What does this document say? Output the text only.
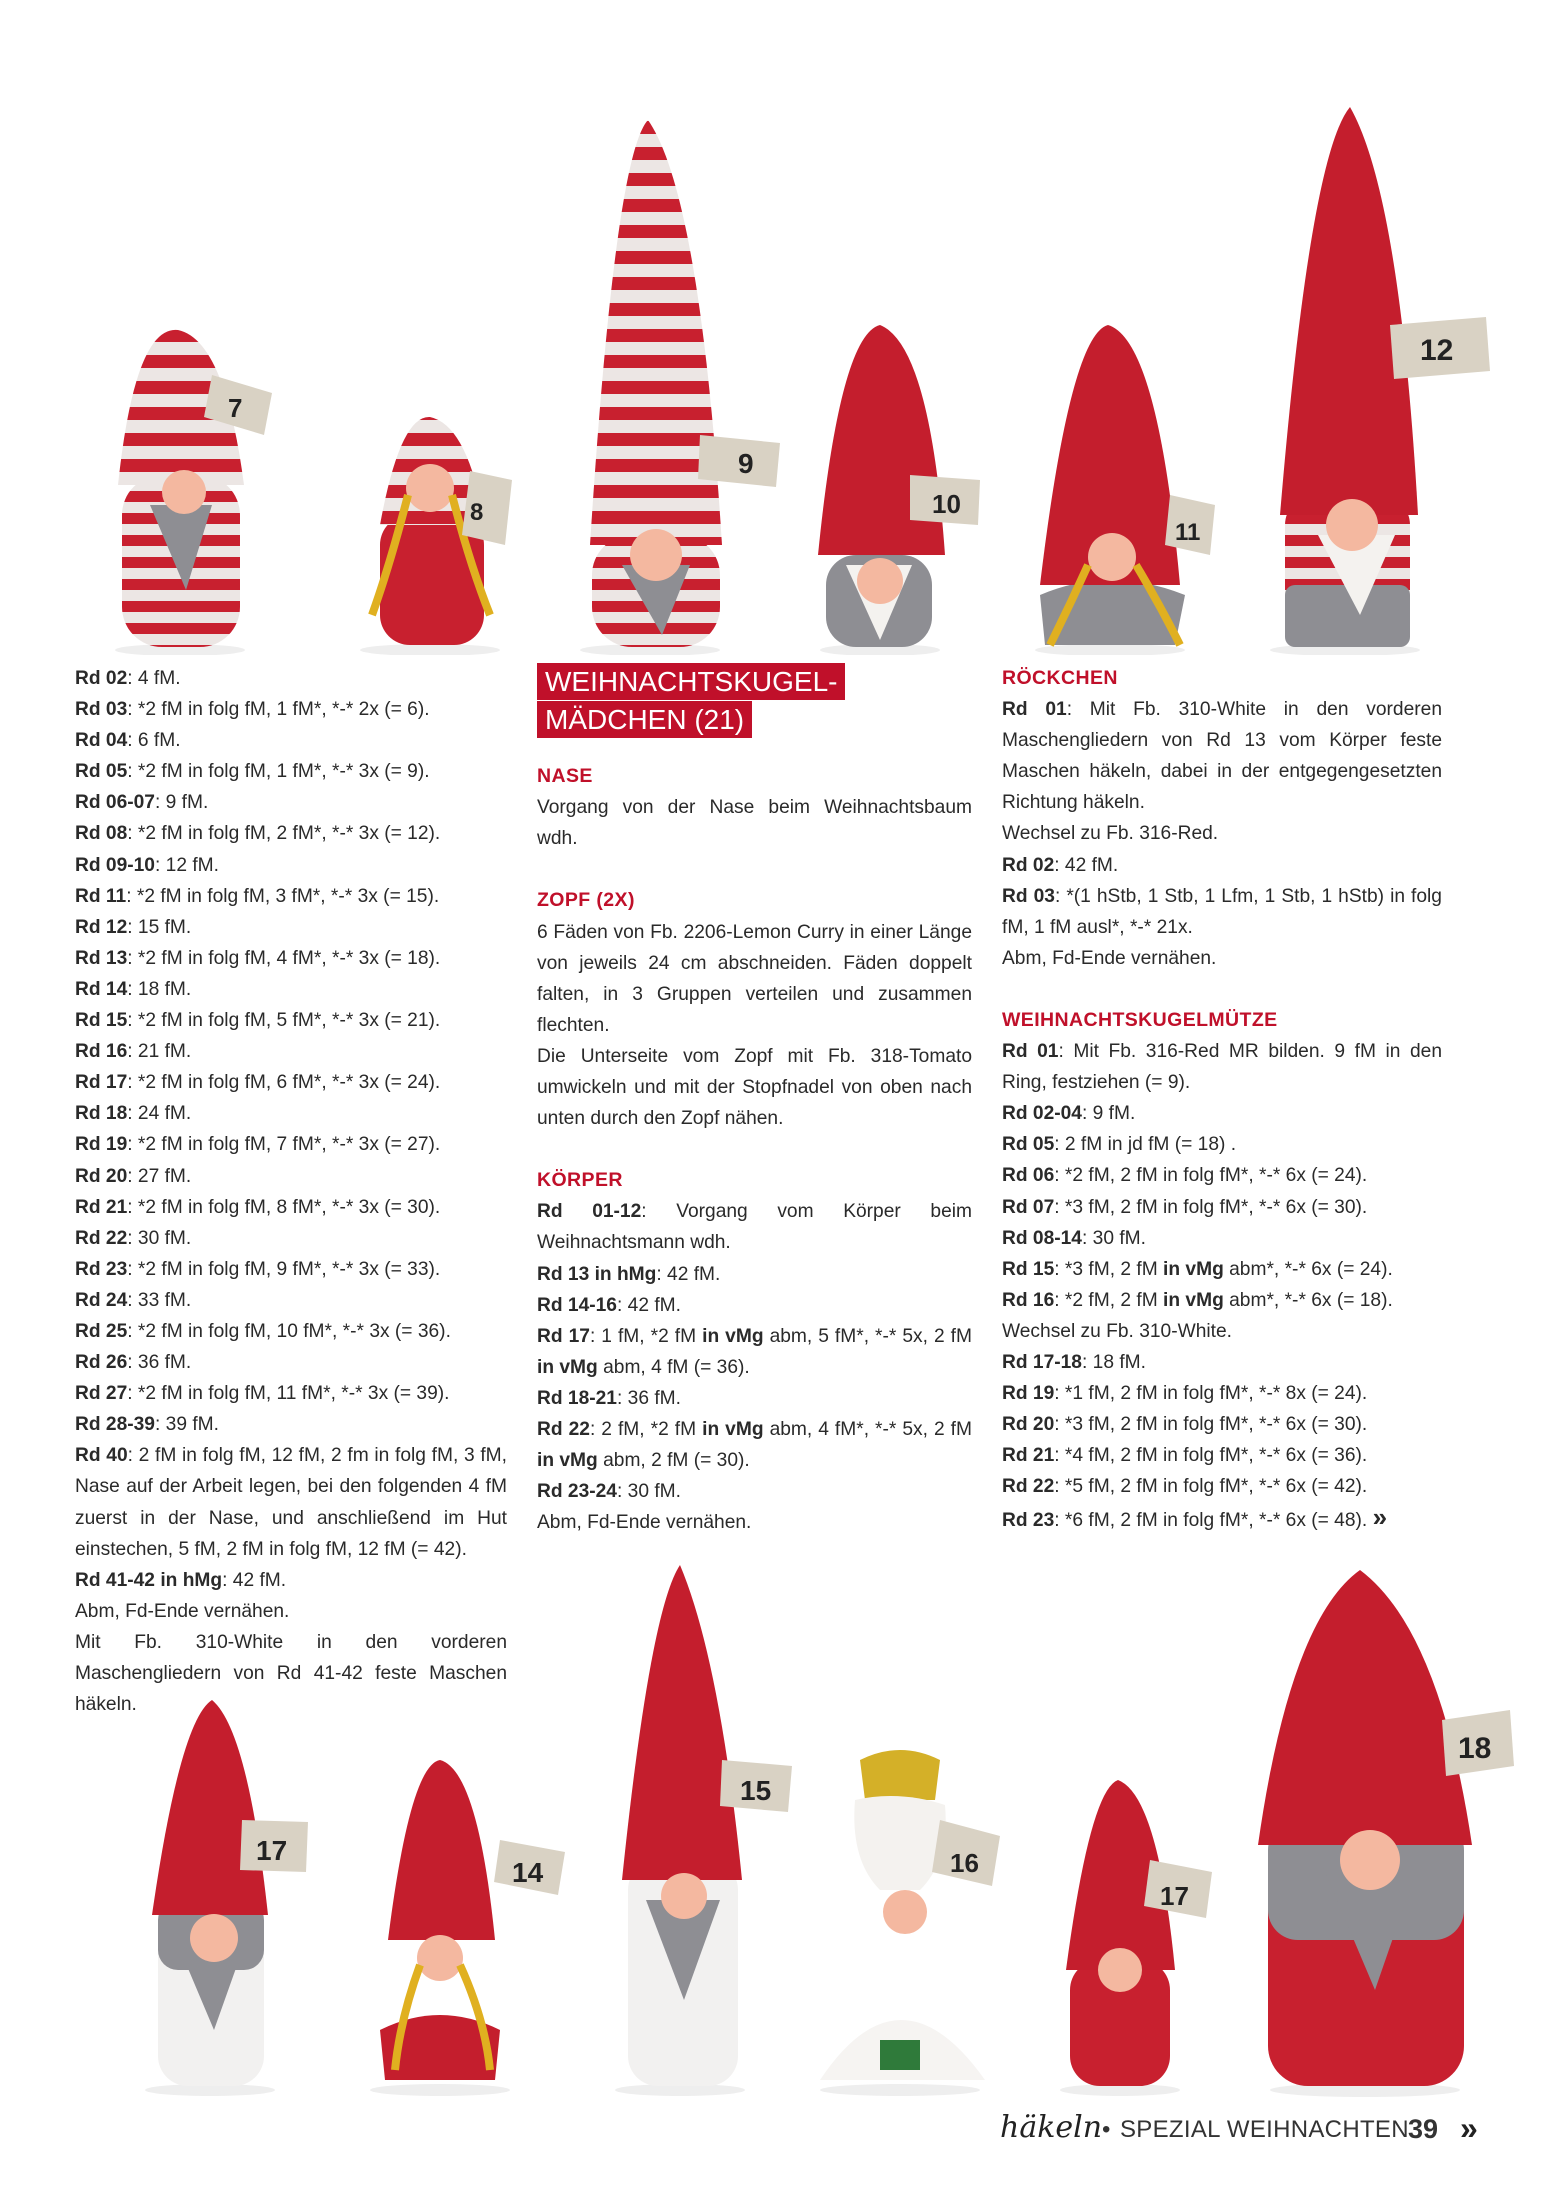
7
8
9
10
11
12
Rd 02: 4 fM.
Rd 03: *2 fM in folg fM, 1 fM*, *-* 2x (= 6).
Rd 04: 6 fM.
Rd 05: *2 fM in folg fM, 1 fM*, *-* 3x (= 9).
Rd 06-07: 9 fM.
Rd 08: *2 fM in folg fM, 2 fM*, *-* 3x (= 12).
Rd 09-10: 12 fM.
Rd 11: *2 fM in folg fM, 3 fM*, *-* 3x (= 15).
Rd 12: 15 fM.
Rd 13: *2 fM in folg fM, 4 fM*, *-* 3x (= 18).
Rd 14: 18 fM.
Rd 15: *2 fM in folg fM, 5 fM*, *-* 3x (= 21).
Rd 16: 21 fM.
Rd 17: *2 fM in folg fM, 6 fM*, *-* 3x (= 24).
Rd 18: 24 fM.
Rd 19: *2 fM in folg fM, 7 fM*, *-* 3x (= 27).
Rd 20: 27 fM.
Rd 21: *2 fM in folg fM, 8 fM*, *-* 3x (= 30).
Rd 22: 30 fM.
Rd 23: *2 fM in folg fM, 9 fM*, *-* 3x (= 33).
Rd 24: 33 fM.
Rd 25: *2 fM in folg fM, 10 fM*, *-* 3x (= 36).
Rd 26: 36 fM.
Rd 27: *2 fM in folg fM, 11 fM*, *-* 3x (= 39).
Rd 28-39: 39 fM.
Rd 40: 2 fM in folg fM, 12 fM, 2 fm in folg fM, 3 fM, Nase auf der Arbeit legen, bei den folgenden 4 fM zuerst in der Nase, und anschließend im Hut einstechen, 5 fM, 2 fM in folg fM, 12 fM (= 42).
Rd 41-42 in hMg: 42 fM.
Abm, Fd-Ende vernähen.
Mit Fb. 310-White in den vorderen Maschengliedern von Rd 41-42 feste Maschen häkeln.
WEIHNACHTSKUGEL-
MÄDCHEN (21)
NASE
Vorgang von der Nase beim Weihnachtsbaum wdh.
ZOPF (2X)
6 Fäden von Fb. 2206-Lemon Curry in einer Länge von jeweils 24 cm abschneiden. Fäden doppelt falten, in 3 Gruppen verteilen und zusammen flechten.
Die Unterseite vom Zopf mit Fb. 318-Tomato umwickeln und mit der Stopfnadel von oben nach unten durch den Zopf nähen.
KÖRPER
Rd 01-12: Vorgang vom Körper beim Weihnachtsmann wdh.
Rd 13 in hMg: 42 fM.
Rd 14-16: 42 fM.
Rd 17: 1 fM, *2 fM in vMg abm, 5 fM*, *-* 5x, 2 fM in vMg abm, 4 fM (= 36).
Rd 18-21: 36 fM.
Rd 22: 2 fM, *2 fM in vMg abm, 4 fM*, *-* 5x, 2 fM in vMg abm, 2 fM (= 30).
Rd 23-24: 30 fM.
Abm, Fd-Ende vernähen.
RÖCKCHEN
Rd 01: Mit Fb. 310-White in den vorderen Maschengliedern von Rd 13 vom Körper feste Maschen häkeln, dabei in der entgegengesetzten Richtung häkeln.
Wechsel zu Fb. 316-Red.
Rd 02: 42 fM.
Rd 03: *(1 hStb, 1 Stb, 1 Lfm, 1 Stb, 1 hStb) in folg fM, 1 fM ausl*, *-* 21x.
Abm, Fd-Ende vernähen.
WEIHNACHTSKUGELMÜTZE
Rd 01: Mit Fb. 316-Red MR bilden. 9 fM in den Ring, festziehen (= 9).
Rd 02-04: 9 fM.
Rd 05: 2 fM in jd fM (= 18) .
Rd 06: *2 fM, 2 fM in folg fM*, *-* 6x (= 24).
Rd 07: *3 fM, 2 fM in folg fM*, *-* 6x (= 30).
Rd 08-14: 30 fM.
Rd 15: *3 fM, 2 fM in vMg abm*, *-* 6x (= 24).
Rd 16: *2 fM, 2 fM in vMg abm*, *-* 6x (= 18).
Wechsel zu Fb. 310-White.
Rd 17-18: 18 fM.
Rd 19: *1 fM, 2 fM in folg fM*, *-* 8x (= 24).
Rd 20: *3 fM, 2 fM in folg fM*, *-* 6x (= 30).
Rd 21: *4 fM, 2 fM in folg fM*, *-* 6x (= 36).
Rd 22: *5 fM, 2 fM in folg fM*, *-* 6x (= 42).
Rd 23: *6 fM, 2 fM in folg fM*, *-* 6x (= 48). »
17
14
15
16
17
18
häkeln • SPEZIAL WEIHNACHTEN 39 »
